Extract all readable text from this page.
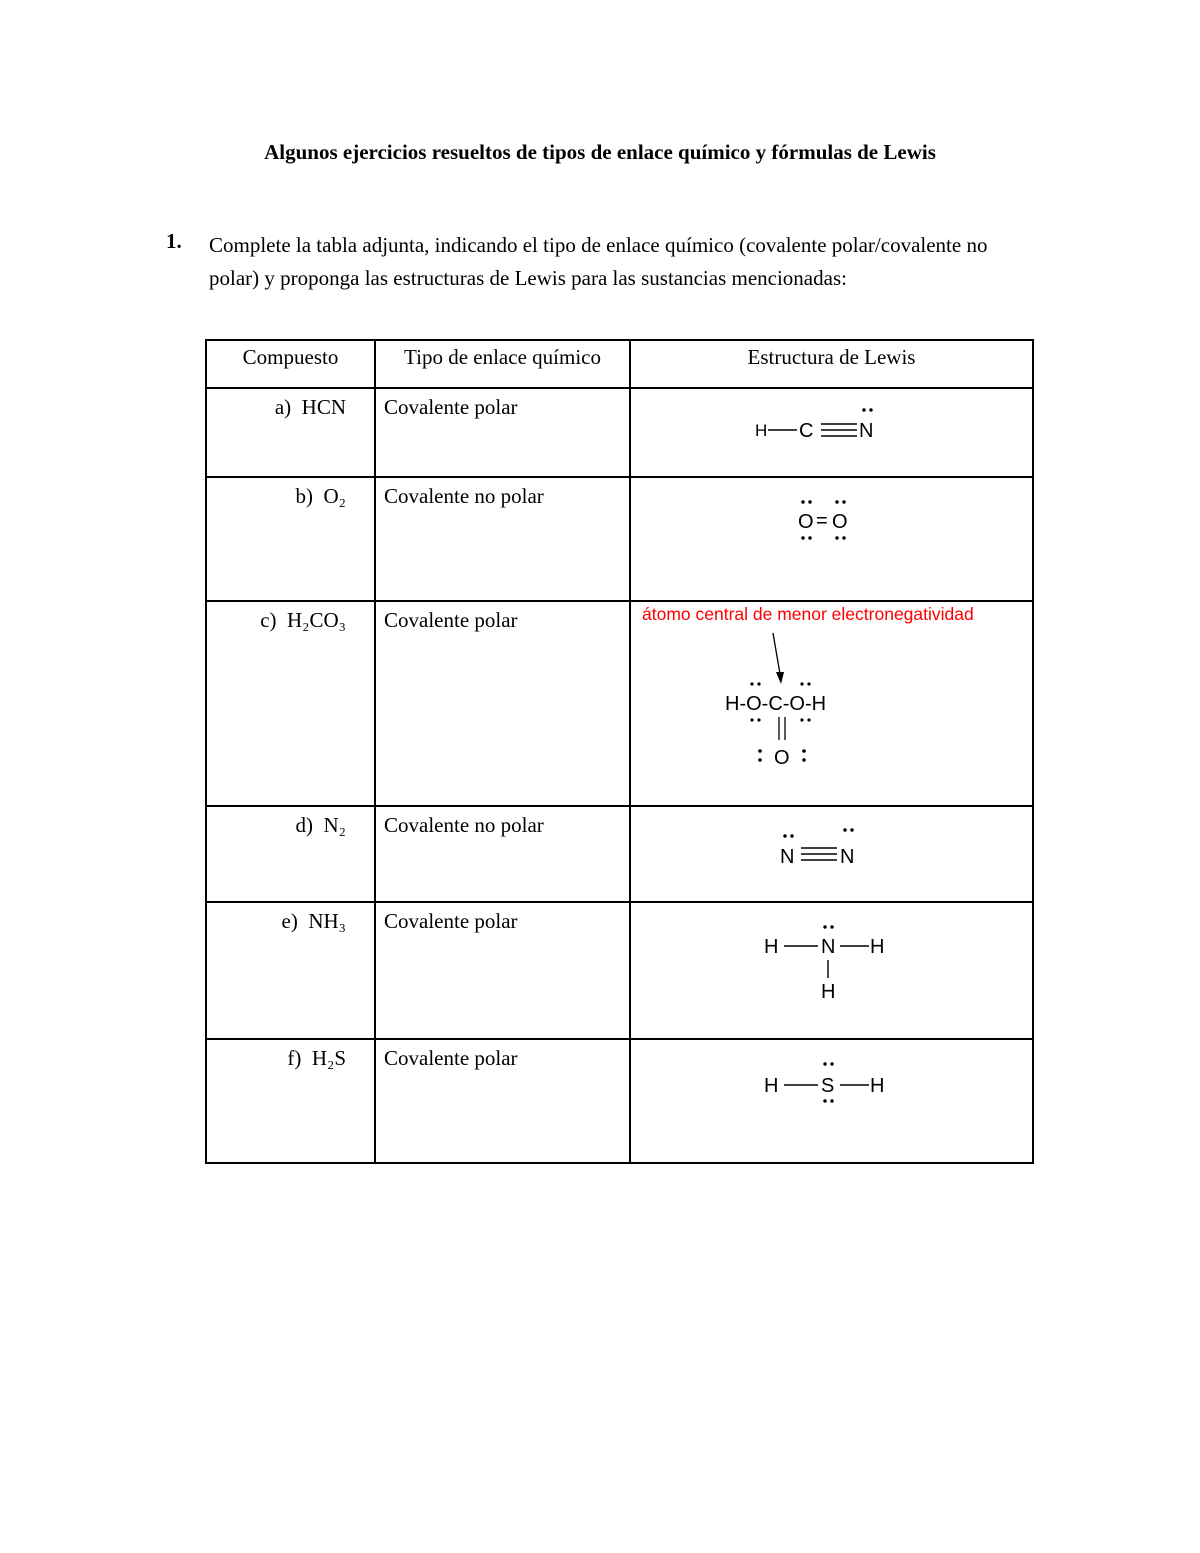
Algunos ejercicios resueltos de tipos de enlace químico y fórmulas de Lewis
1. Complete la tabla adjunta, indicando el tipo de enlace químico (covalente polar/covalente no
polar) y proponga las estructuras de Lewis para las sustancias mencionadas:
Compuesto	Tipo de enlace químico	Estructura de Lewis

a) HCN	Covalente polar	H C N

b) O₂	Covalente no polar	O = O

c) H₂CO₃	Covalente polar	átomo central de menor electronegatividad
H-O-C-O-H
O

d) N₂	Covalente no polar	N N

e) NH₃	Covalente polar	H N H
H

f) H₂S	Covalente polar	H S H
